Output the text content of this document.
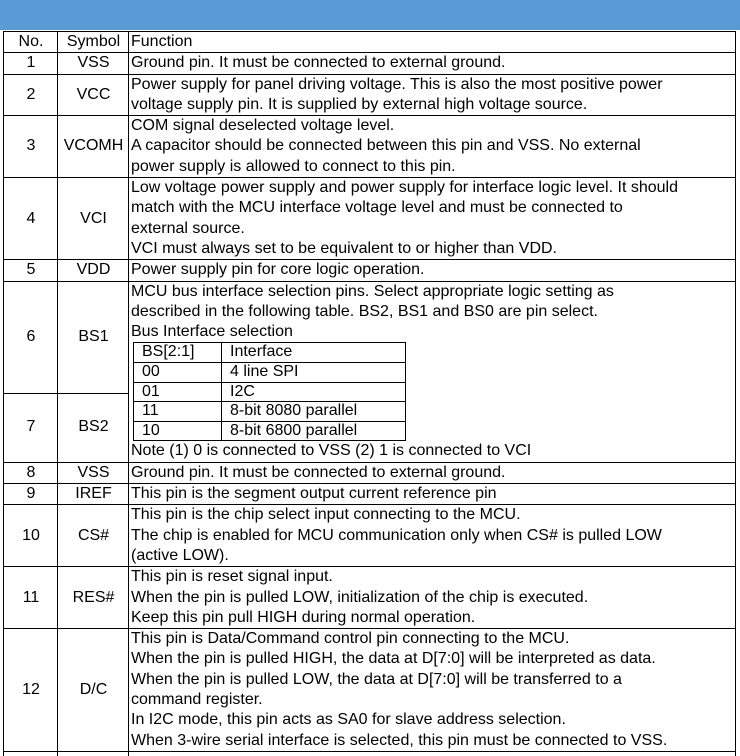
No.	Symbol	Function
1	VSS	Ground pin. It must be connected to external ground.

2	VCC	
Power supply for panel driving voltage. This is also the most positive power
voltage supply pin. It is supplied by external high voltage source.

3	VCOMH	
COM signal deselected voltage level.
A capacitor should be connected between this pin and VSS. No external
power supply is allowed to connect to this pin.

4	VCI	
Low voltage power supply and power supply for interface logic level. It should
match with the MCU interface voltage level and must be connected to
external source.
VCI must always set to be equivalent to or higher than VDD.

5	VDD	Power supply pin for core logic operation.

6	BS1	
MCU bus interface selection pins. Select appropriate logic setting as
described in the following table. BS2, BS1 and BS0 are pin select.
Bus Interface selection
BS[2:1]	Interface
00	4 line SPI
01	I2C
11	8-bit 8080 parallel
10	8-bit 6800 parallel
Note (1) 0 is connected to VSS (2) 1 is connected to VCI

7	BS2
8	VSS	Ground pin. It must be connected to external ground.

9	IREF	This pin is the segment output current reference pin

10	CS#	
This pin is the chip select input connecting to the MCU.
The chip is enabled for MCU communication only when CS# is pulled LOW
(active LOW).

11	RES#	
This pin is reset signal input.
When the pin is pulled LOW, initialization of the chip is executed.
Keep this pin pull HIGH during normal operation.

12	D/C	
This pin is Data/Command control pin connecting to the MCU.
When the pin is pulled HIGH, the data at D[7:0] will be interpreted as data.
When the pin is pulled LOW, the data at D[7:0] will be transferred to a
command register.
In I2C mode, this pin acts as SA0 for slave address selection.
When 3-wire serial interface is selected, this pin must be connected to VSS.
